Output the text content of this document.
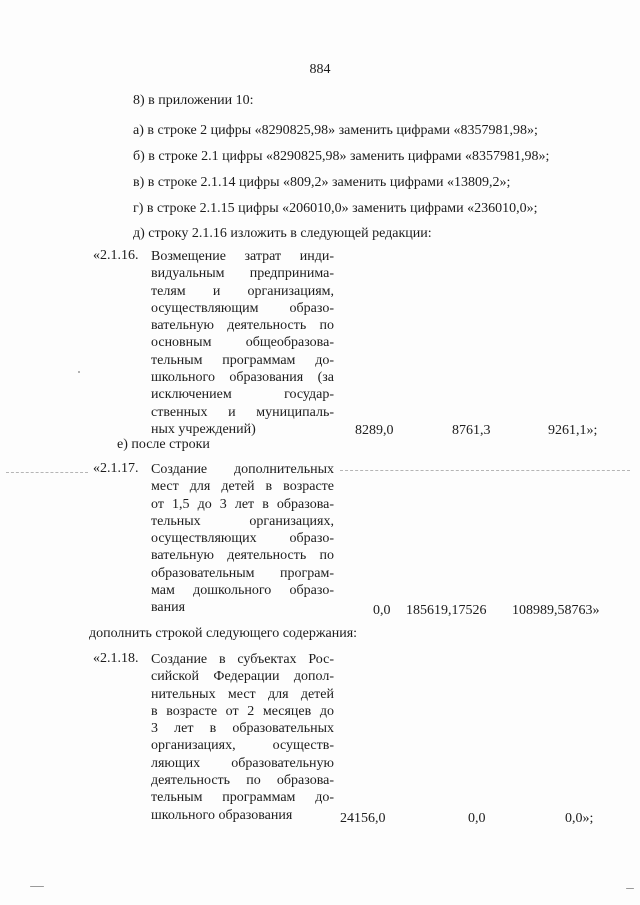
884
8) в приложении 10:
а) в строке 2 цифры «8290825,98» заменить цифрами «8357981,98»;
б) в строке 2.1 цифры «8290825,98» заменить цифрами «8357981,98»;
в) в строке 2.1.14 цифры «809,2» заменить цифрами «13809,2»;
г) в строке 2.1.15 цифры «206010,0» заменить цифрами «236010,0»;
д) строку 2.1.16 изложить в следующей редакции:
«2.1.16. Возмещение затрат инди-
видуальным предпринима-
телям и организациям,
осуществляющим образо-
вательную деятельность по
основным общеобразова-
тельным программам до-
школьного образования (за
исключением государ-
ственных и муниципаль-
ных учреждений)
е) после строки
8289,0	8761,3	9261,1»;
«2.1.17. Создание дополнительных
мест для детей в возрасте
от 1,5 до 3 лет в образова-
тельных организациях,
осуществляющих образо-
вательную деятельность по
образовательным програм-
мам дошкольного образо-
вания	0,0 185619,17526 108989,58763»
дополнить строкой следующего содержания:
«2.1.18. Создание в субъектах Рос-
сийской Федерации допол-
нительных мест для детей
в возрасте от 2 месяцев до
3 лет в образовательных
организациях, осуществ-
ляющих образовательную
деятельность по образова-
тельным программам до-
школьного образования	24156,0	0,0	0,0»;
